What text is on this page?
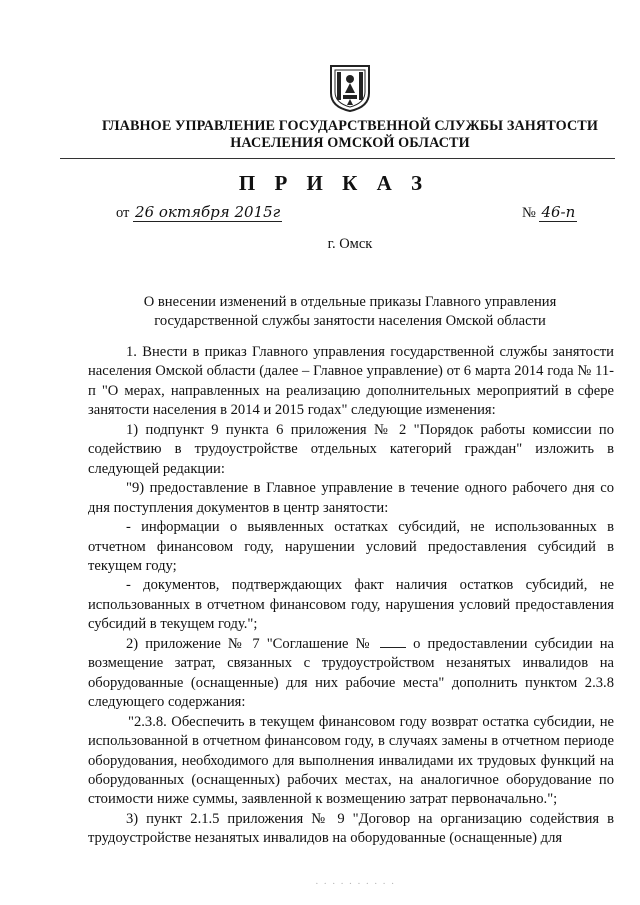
ГЛАВНОЕ УПРАВЛЕНИЕ ГОСУДАРСТВЕННОЙ СЛУЖБЫ ЗАНЯТОСТИ
НАСЕЛЕНИЯ ОМСКОЙ ОБЛАСТИ
П Р И К А З
от 26 октября 2015г	№ 46-п
г. Омск
О внесении изменений в отдельные приказы Главного управления
государственной службы занятости населения Омской области

1. Внести в приказ Главного управления государственной службы занятости населения Омской области (далее – Главное управление) от 6 марта 2014 года № 11-п "О мерах, направленных на реализацию дополнительных мероприятий в сфере занятости населения в 2014 и 2015 годах" следующие изменения:

1) подпункт 9 пункта 6 приложения № 2 "Порядок работы комиссии по содействию в трудоустройстве отдельных категорий граждан" изложить в следующей редакции:

"9) предоставление в Главное управление в течение одного рабочего дня со дня поступления документов в центр занятости:

- информации о выявленных остатках субсидий, не использованных в отчетном финансовом году, нарушении условий предоставления субсидий в текущем году;

- документов, подтверждающих факт наличия остатков субсидий, не использованных в отчетном финансовом году, нарушения условий предоставления субсидий в текущем году.";

2) приложение № 7 "Соглашение №	о предоставлении субсидии на возмещение затрат, связанных с трудоустройством незанятых инвалидов на оборудованные (оснащенные) для них рабочие места" дополнить пунктом 2.3.8 следующего содержания:

"2.3.8. Обеспечить в текущем финансовом году возврат остатка субсидии, не использованной в отчетном финансовом году, в случаях замены в отчетном периоде оборудования, необходимого для выполнения инвалидами их трудовых функций на оборудованных (оснащенных) рабочих местах, на аналогичное оборудование по стоимости ниже суммы, заявленной к возмещению затрат первоначально.";

3) пункт 2.1.5 приложения № 9 "Договор на организацию содействия в трудоустройстве незанятых инвалидов на оборудованные (оснащенные) для

· · · · · · · · · ·
